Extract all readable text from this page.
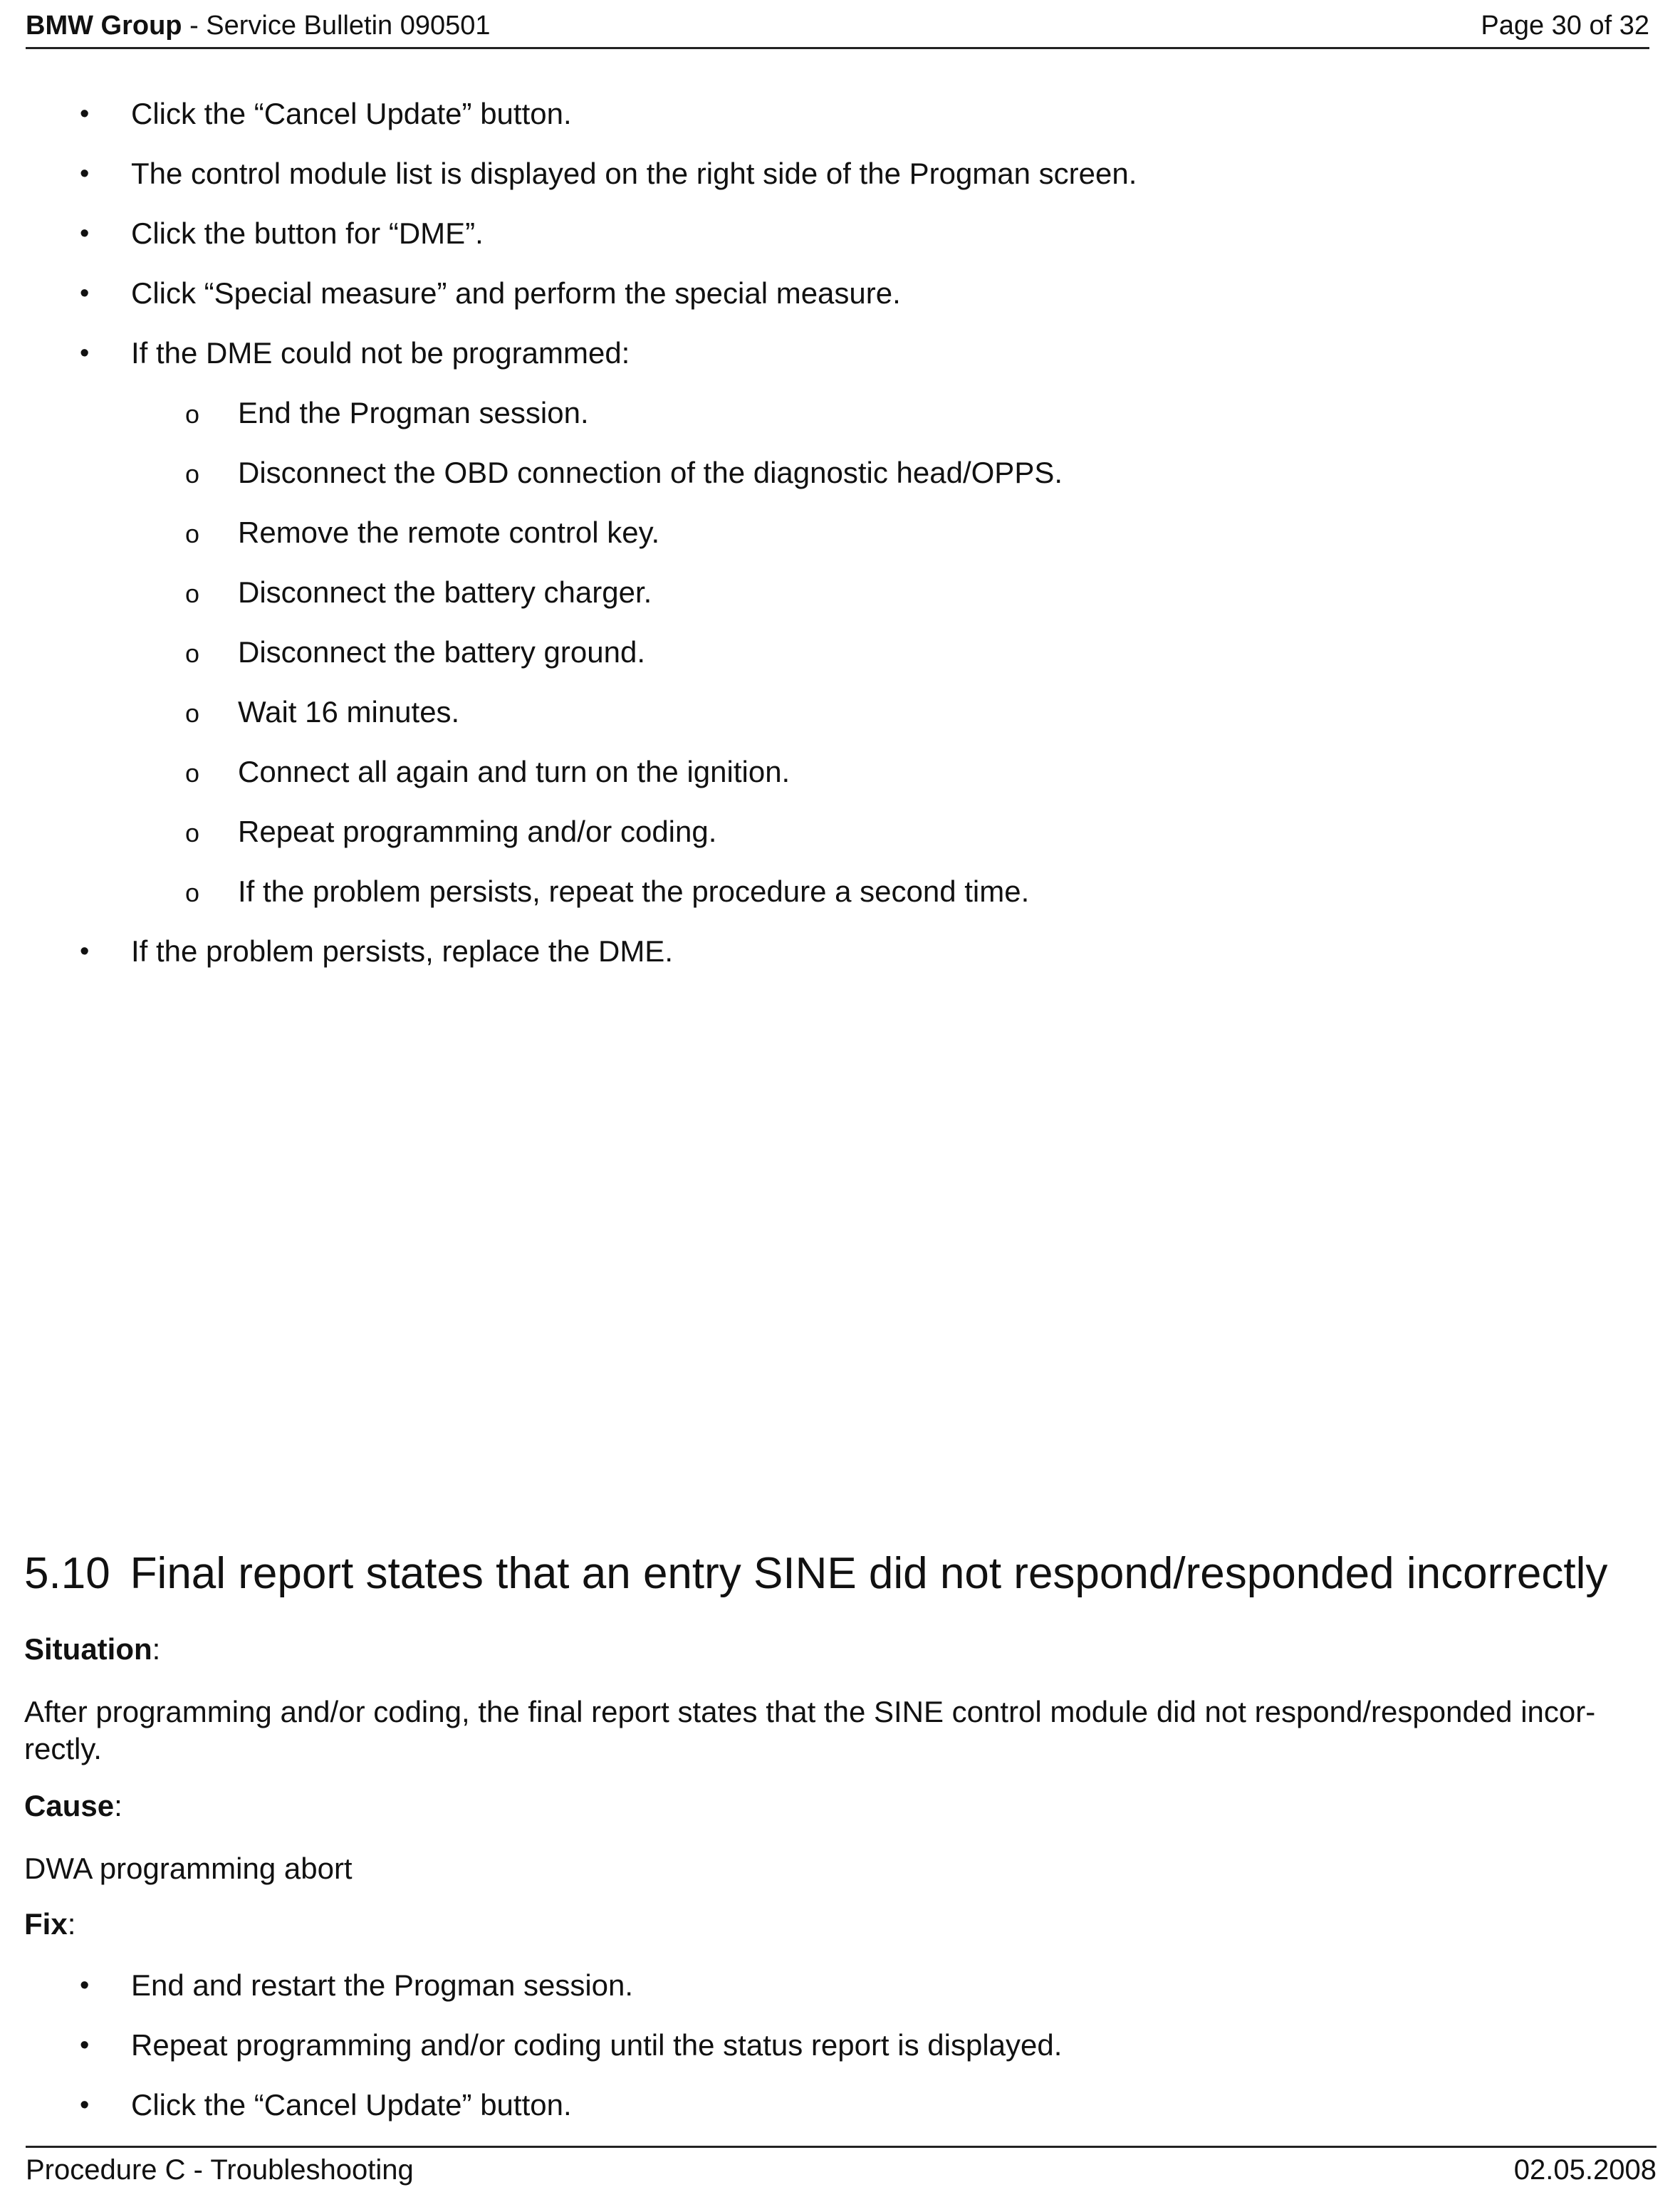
BMW Group - Service Bulletin 090501	Page 30 of 32
• Click the “Cancel Update” button.
• The control module list is displayed on the right side of the Progman screen.
• Click the button for “DME”.
• Click “Special measure” and perform the special measure.
• If the DME could not be programmed:
o End the Progman session.
o Disconnect the OBD connection of the diagnostic head/OPPS.
o Remove the remote control key.
o Disconnect the battery charger.
o Disconnect the battery ground.
o Wait 16 minutes.
o Connect all again and turn on the ignition.
o Repeat programming and/or coding.
o If the problem persists, repeat the procedure a second time.
• If the problem persists, replace the DME.
5.10 Final report states that an entry SINE did not respond/responded incorrectly
Situation:
After programming and/or coding, the final report states that the SINE control module did not respond/responded incor-rectly.
Cause:
DWA programming abort
Fix:
• End and restart the Progman session.
• Repeat programming and/or coding until the status report is displayed.
• Click the “Cancel Update” button.
Procedure C - Troubleshooting	02.05.2008
